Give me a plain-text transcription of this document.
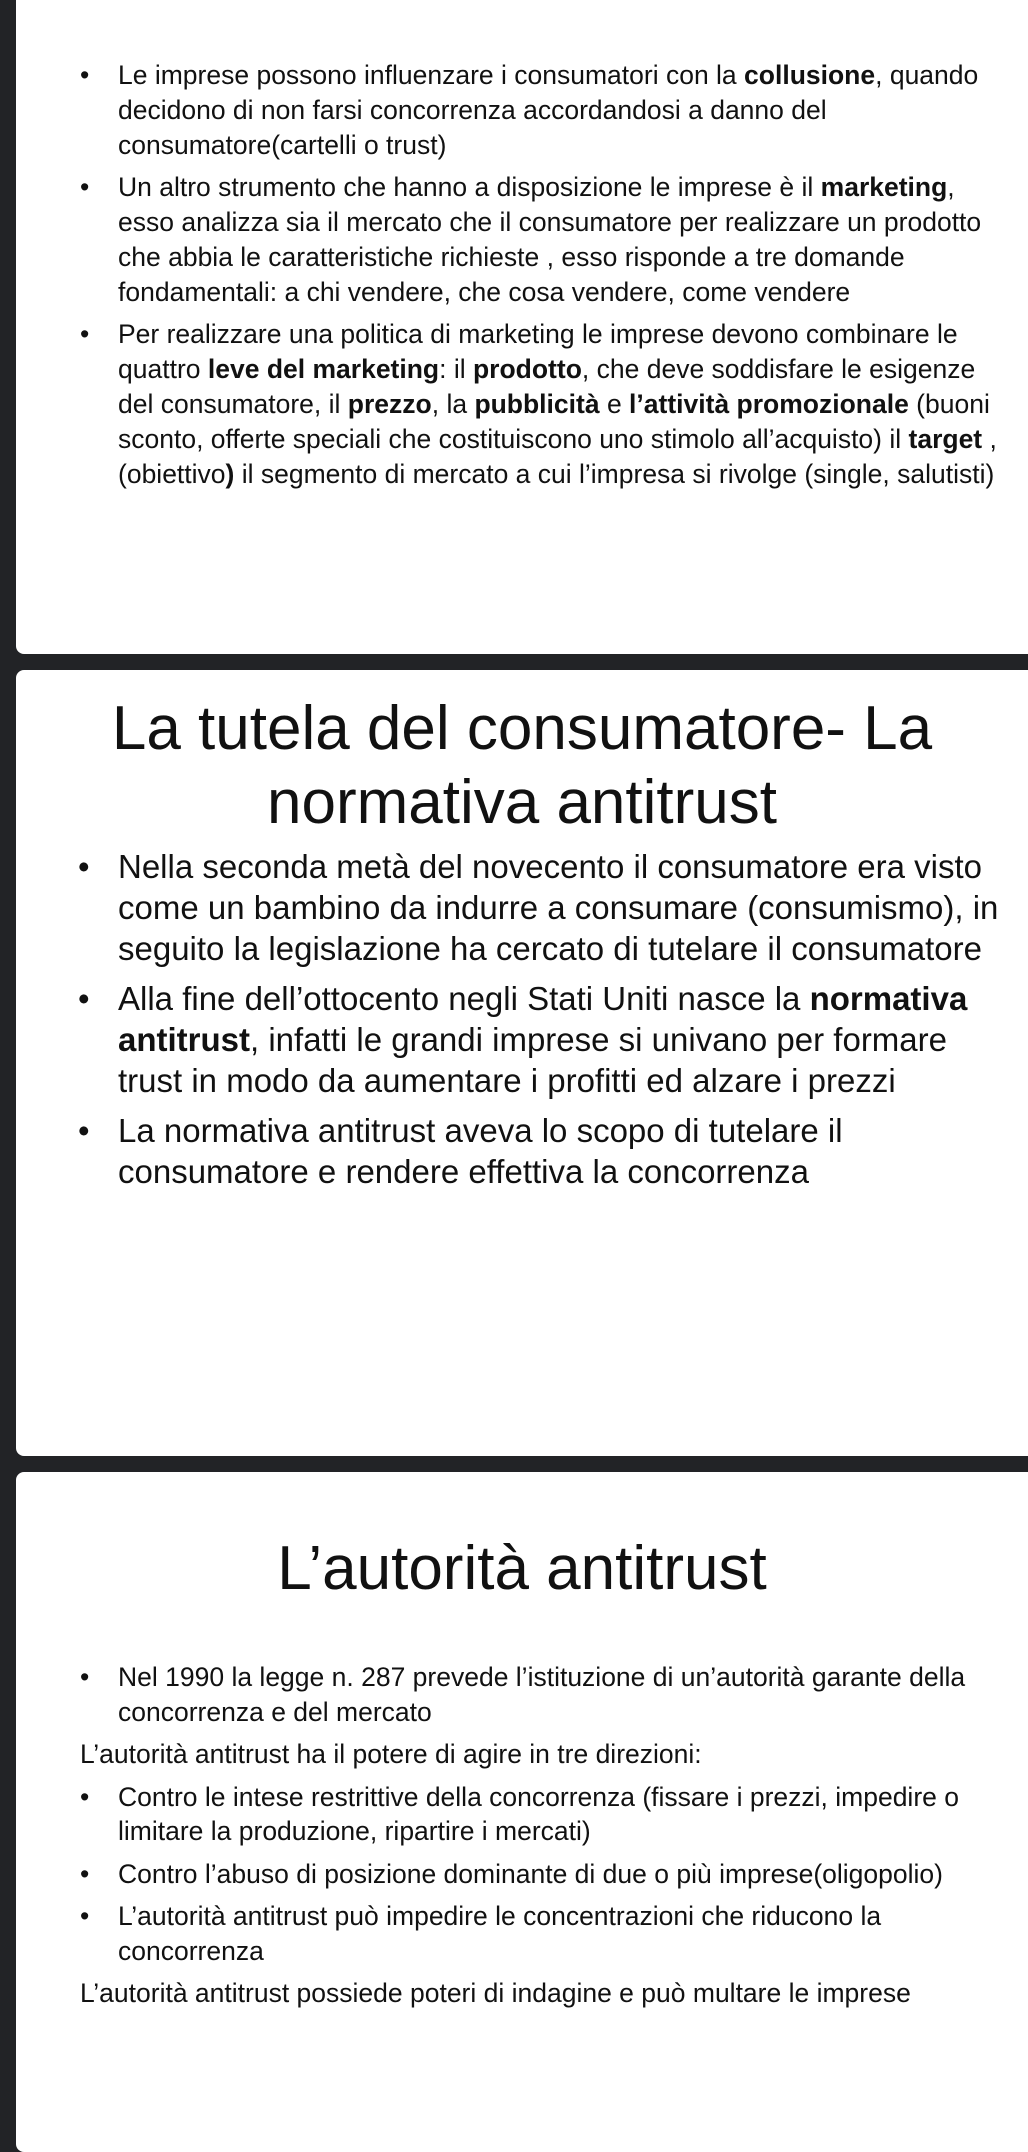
• Le imprese possono influenzare i consumatori con la collusione, quando decidono di non farsi concorrenza accordandosi a danno del consumatore(cartelli o trust)
• Un altro strumento che hanno a disposizione le imprese è il marketing, esso analizza sia il mercato che il consumatore per realizzare un prodotto che abbia le caratteristiche richieste , esso risponde a tre domande fondamentali: a chi vendere, che cosa vendere, come vendere
• Per realizzare una politica di marketing le imprese devono combinare le quattro leve del marketing: il prodotto, che deve soddisfare le esigenze del consumatore, il prezzo, la pubblicità e l’attività promozionale (buoni sconto, offerte speciali che costituiscono uno stimolo all’acquisto) il target ,(obiettivo) il segmento di mercato a cui l’impresa si rivolge (single, salutisti)
La tutela del consumatore- La normativa antitrust
• Nella seconda metà del novecento il consumatore era visto come un bambino da indurre a consumare (consumismo), in seguito la legislazione ha cercato di tutelare il consumatore
• Alla fine dell’ottocento negli Stati Uniti nasce la normativa antitrust, infatti le grandi imprese si univano per formare trust in modo da aumentare i profitti ed alzare i prezzi
• La normativa antitrust aveva lo scopo di tutelare il consumatore e rendere effettiva la concorrenza
L’autorità antitrust
• Nel 1990 la legge n. 287 prevede l’istituzione di un’autorità garante della concorrenza e del mercato

L’autorità antitrust ha il potere di agire in tre direzioni:

• Contro le intese restrittive della concorrenza (fissare i prezzi, impedire o limitare la produzione, ripartire i mercati)
• Contro l’abuso di posizione dominante di due o più imprese(oligopolio)
• L’autorità antitrust può impedire le concentrazioni che riducono la concorrenza

L’autorità antitrust possiede poteri di indagine e può multare le imprese
